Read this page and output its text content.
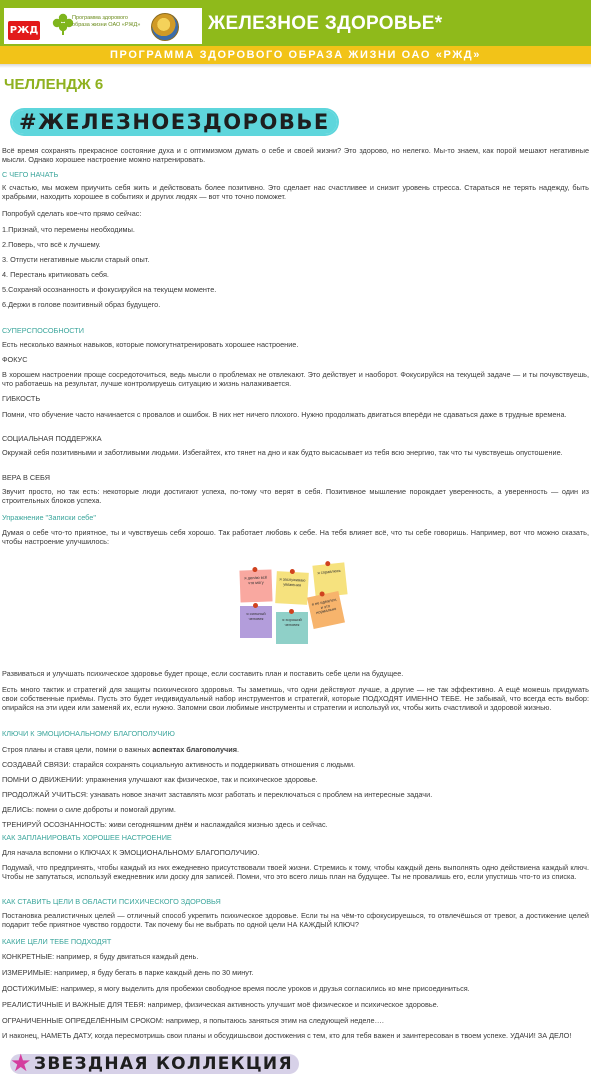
РЖД
Программа здорового образа жизни ОАО «РЖД»	ЖЕЛЕЗНОЕ ЗДОРОВЬЕ*
ПРОГРАММА ЗДОРОВОГО ОБРАЗА ЖИЗНИ ОАО «РЖД»
ЧЕЛЛЕНДЖ 6
#ЖЕЛЕЗНОЕЗДОРОВЬЕ
Всё время сохранять прекрасное состояние духа и с оптимизмом думать о себе и своей жизни? Это здорово, но нелегко. Мы-то знаем, как порой мешают негативные мысли. Однако хорошее настроение можно натренировать.
С ЧЕГО НАЧАТЬ
К счастью, мы можем приучить себя жить и действовать более позитивно. Это сделает нас счастливее и снизит уровень стресса. Стараться не терять надежду, быть храбрыми, находить хорошее в событиях и других людях — вот что точно поможет.
Попробуй сделать кое-что прямо сейчас:
1.Признай, что перемены необходимы.
2.Поверь, что всё к лучшему.
3. Отпусти негативные мысли старый опыт.
4. Перестань критиковать себя.
5.Сохраняй осознанность и фокусируйся на текущем моменте.
6.Держи в голове позитивный образ будущего.
СУПЕРСПОСОБНОСТИ
Есть несколько важных навыков, которые помогутнатренировать хорошее настроение.
ФОКУС
В хорошем настроении проще сосредоточиться, ведь мысли о проблемах не отвлекают. Это действует и наоборот. Фокусируйся на текущей задаче — и ты почувствуешь, что работаешь на результат, лучше контролируешь ситуацию и жизнь налаживается.
ГИБКОСТЬ
Помни, что обучение часто начинается с провалов и ошибок. В них нет ничего плохого. Нужно продолжать двигаться вперёди не сдаваться даже в трудные времена.
СОЦИАЛЬНАЯ ПОДДЕРЖКА
Окружай себя позитивными и заботливыми людьми. Избегайтех, кто тянет на дно и как будто высасывает из тебя всю энергию, так что ты чувствуешь опустошение.
ВЕРА В СЕБЯ
Звучит просто, но так есть: некоторые люди достигают успеха, по-тому что верят в себя. Позитивное мышление порождает уверенность, а уверенность — один из строительных блоков успеха.
Упражнение "Записки себе"
Думая о себе что-то приятное, ты и чувствуешь себя хорошо. Так работает любовь к себе. На тебя влияет всё, что ты себе говоришь. Например, вот что можно сказать, чтобы настроение улучшилось:
Развиваться и улучшать психическое здоровье будет проще, если составить план и поставить себе цели на будущее.
Есть много тактик и стратегий для защиты психического здоровья. Ты заметишь, что одни действуют лучше, а другие — не так эффективно. А ещё можешь придумать свои собственные приёмы. Пусть это будет индивидуальный набор инструментов и стратегий, которые ПОДХОДЯТ ИМЕННО ТЕБЕ. Не забывай, что всегда есть выбор: опирайся на эти идеи или заменяй их, если нужно. Запомни свои любимые инструменты и стратегии и используй их, чтобы жить счастливой и здоровой жизнью.
КЛЮЧИ К ЭМОЦИОНАЛЬНОМУ БЛАГОПОЛУЧИЮ
Строя планы и ставя цели, помни о важных аспектах благополучия.
СОЗДАВАЙ СВЯЗИ: старайся сохранять социальную активность и поддерживать отношения с людьми.
ПОМНИ О ДВИЖЕНИИ: упражнения улучшают как физическое, так и психическое здоровье.
ПРОДОЛЖАЙ УЧИТЬСЯ: узнавать новое значит заставлять мозг работать и переключаться с проблем на интересные задачи.
ДЕЛИСЬ: помни о силе доброты и помогай другим.
ТРЕНИРУЙ ОСОЗНАННОСТЬ: живи сегодняшним днём и наслаждайся жизнью здесь и сейчас.
КАК ЗАПЛАНИРОВАТЬ ХОРОШЕЕ НАСТРОЕНИЕ
Для начала вспомни о КЛЮЧАХ К ЭМОЦИОНАЛЬНОМУ БЛАГОПОЛУЧИЮ.
Подумай, что предпринять, чтобы каждый из них ежедневно присутствовали твоей жизни. Стремись к тому, чтобы каждый день выполнять одно действиена каждый ключ. Чтобы не запутаться, используй ежедневник или доску для записей. Помни, что это всего лишь план на будущее. Ты не провалишь его, если упустишь что-то из списка.
КАК СТАВИТЬ ЦЕЛИ В ОБЛАСТИ ПСИХИЧЕСКОГО ЗДОРОВЬЯ
Постановка реалистичных целей — отличный способ укрепить психическое здоровье. Если ты на чём-то сфокусируешься, то отвлечёшься от тревог, а достижение целей подарит тебе приятное чувство гордости. Так почему бы не выбрать по одной цели НА КАЖДЫЙ КЛЮЧ?
КАКИЕ ЦЕЛИ ТЕБЕ ПОДХОДЯТ
КОНКРЕТНЫЕ: например, я буду двигаться каждый день.
ИЗМЕРИМЫЕ: например, я буду бегать в парке каждый день по 30 минут.
ДОСТИЖИМЫЕ: например, я могу выделить для пробежки свободное время после уроков и друзья согласились ко мне присоединиться.
РЕАЛИСТИЧНЫЕ И ВАЖНЫЕ ДЛЯ ТЕБЯ: например, физическая активность улучшит моё физическое и психическое здоровье.
ОГРАНИЧЕННЫЕ ОПРЕДЕЛЁННЫМ СРОКОМ: например, я попытаюсь заняться этим на следующей неделе….
И наконец, НАМЕТЬ ДАТУ, когда пересмотришь свои планы и обсудишьсвои достижения с тем, кто для тебя важен и заинтересован в твоем успехе. УДАЧИ! ЗА ДЕЛО!
я делаю всё что могу	я заслуживаю уважения
я справлюсь
я сильный человек	я хороший человек
я не идеален, и это нормально
★ ЗВЕЗДНАЯ КОЛЛЕКЦИЯ
